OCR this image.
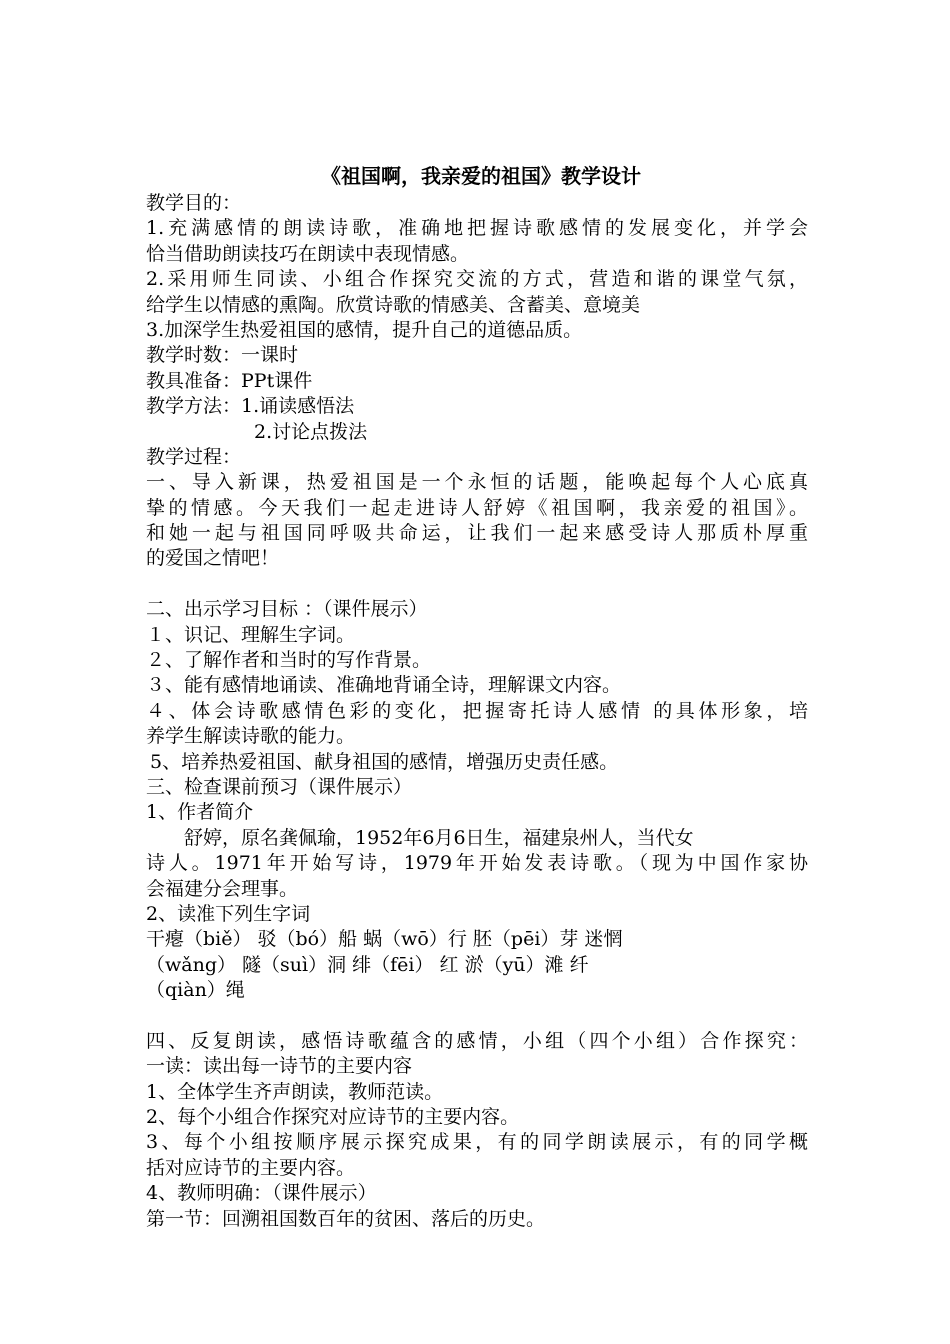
《祖国啊，我亲爱的祖国》教学设计
教学目的：
1.充满感情的朗读诗歌，准确地把握诗歌感情的发展变化，并学会
恰当借助朗读技巧在朗读中表现情感。
2.采用师生同读、小组合作探究交流的方式，营造和谐的课堂气氛，
给学生以情感的熏陶。欣赏诗歌的情感美、含蓄美、意境美
3.加深学生热爱祖国的感情，提升自己的道德品质。
教学时数：一课时
教具准备：PPt课件
教学方法：1.诵读感悟法
2.讨论点拨法
教学过程：
一、导入新课，热爱祖国是一个永恒的话题，能唤起每个人心底真
挚的情感。今天我们一起走进诗人舒婷《祖国啊，我亲爱的祖国》。
和她一起与祖国同呼吸共命运，让我们一起来感受诗人那质朴厚重
的爱国之情吧！
二、出示学习目标 ：（课件展示）
１、识记、理解生字词。
２、了解作者和当时的写作背景。
３、能有感情地诵读、准确地背诵全诗，理解课文内容。
４、体会诗歌感情色彩的变化，把握寄托诗人感情 的具体形象，培
养学生解读诗歌的能力。
5、培养热爱祖国、献身祖国的感情，增强历史责任感。
三、检查课前预习（课件展示）
1、作者简介
舒婷，原名龚佩瑜，1952年6月6日生，福建泉州人，当代女
诗人。1971年开始写诗，1979年开始发表诗歌。（现为中国作家协
会福建分会理事。
2、读准下列生字词
干瘪（biě） 驳（bó）船 蜗（wō）行 胚（pēi）芽 迷惘
（wǎng） 隧（suì）洞 绯（fēi） 红 淤（yū）滩 纤
（qiàn）绳
四、反复朗读，感悟诗歌蕴含的感情，小组（四个小组）合作探究：
一读：读出每一诗节的主要内容
1、全体学生齐声朗读，教师范读。
2、每个小组合作探究对应诗节的主要内容。
3、每个小组按顺序展示探究成果，有的同学朗读展示，有的同学概
括对应诗节的主要内容。
4、教师明确：（课件展示）
第一节：回溯祖国数百年的贫困、落后的历史。
